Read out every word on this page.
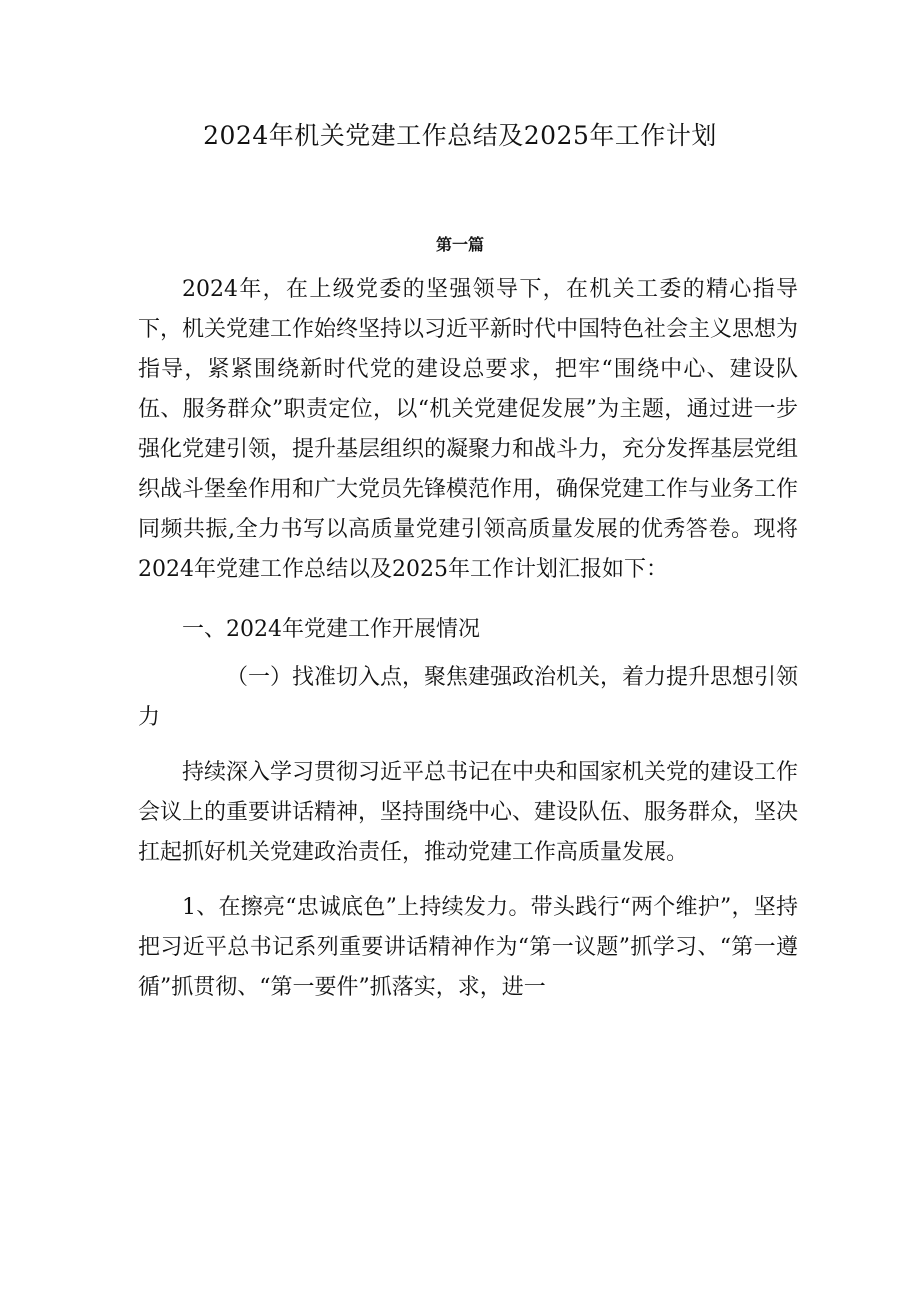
2024年机关党建工作总结及2025年工作计划
第一篇

2024年，在上级党委的坚强领导下，在机关工委的精心指导下，机关党建工作始终坚持以习近平新时代中国特色社会主义思想为指导，紧紧围绕新时代党的建设总要求，把牢“围绕中心、建设队伍、服务群众”职责定位，以“机关党建促发展”为主题，通过进一步强化党建引领，提升基层组织的凝聚力和战斗力，充分发挥基层党组织战斗堡垒作用和广大党员先锋模范作用，确保党建工作与业务工作同频共振,全力书写以高质量党建引领高质量发展的优秀答卷。现将2024年党建工作总结以及2025年工作计划汇报如下：

一、2024年党建工作开展情况

（一）找准切入点，聚焦建强政治机关，着力提升思想引领力

持续深入学习贯彻习近平总书记在中央和国家机关党的建设工作会议上的重要讲话精神，坚持围绕中心、建设队伍、服务群众，坚决扛起抓好机关党建政治责任，推动党建工作高质量发展。

1、在擦亮“忠诚底色”上持续发力。带头践行“两个维护”，坚持把习近平总书记系列重要讲话精神作为“第一议题”抓学习、“第一遵循”抓贯彻、“第一要件”抓落实，求，进一
